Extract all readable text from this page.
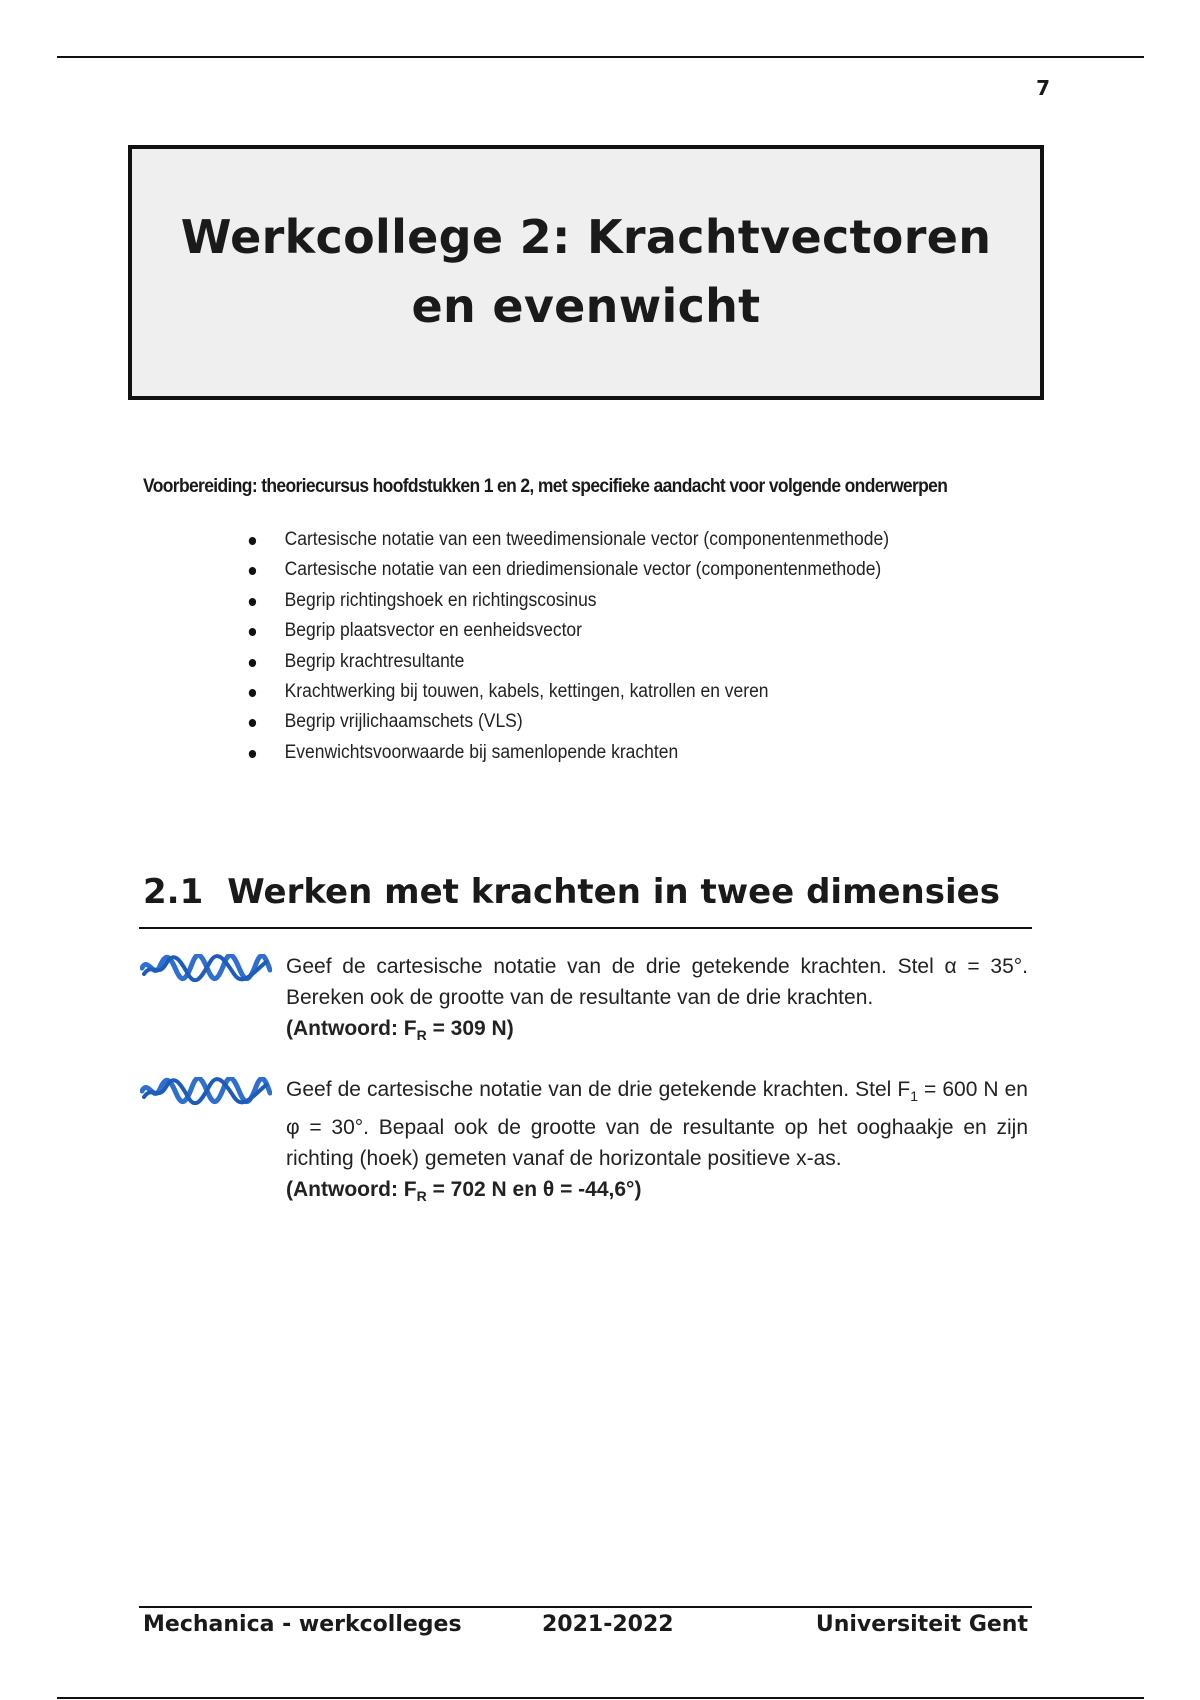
7
Werkcollege 2: Krachtvectoren en evenwicht
Voorbereiding: theoriecursus hoofdstukken 1 en 2, met specifieke aandacht voor volgende onderwerpen
Cartesische notatie van een tweedimensionale vector (componentenmethode)
Cartesische notatie van een driedimensionale vector (componentenmethode)
Begrip richtingshoek en richtingscosinus
Begrip plaatsvector en eenheidsvector
Begrip krachtresultante
Krachtwerking bij touwen, kabels, kettingen, katrollen en veren
Begrip vrijlichaamschets (VLS)
Evenwichtsvoorwaarde bij samenlopende krachten
2.1 Werken met krachten in twee dimensies

Geef de cartesische notatie van de drie getekende krachten. Stel α = 35°. Bereken ook de grootte van de resultante van de drie krachten.

(Antwoord: $F_R = 309$ N)

Geef de cartesische notatie van de drie getekende krachten. Stel $F_1 = 600$ N en φ = 30°. Bepaal ook de grootte van de resultante op het ooghaakje en zijn richting (hoek) gemeten vanaf de horizontale positieve x-as.

(Antwoord: $F_R = 702$ N en θ = -44,6°)

Mechanica - werkcolleges	2021-2022	Universiteit Gent
